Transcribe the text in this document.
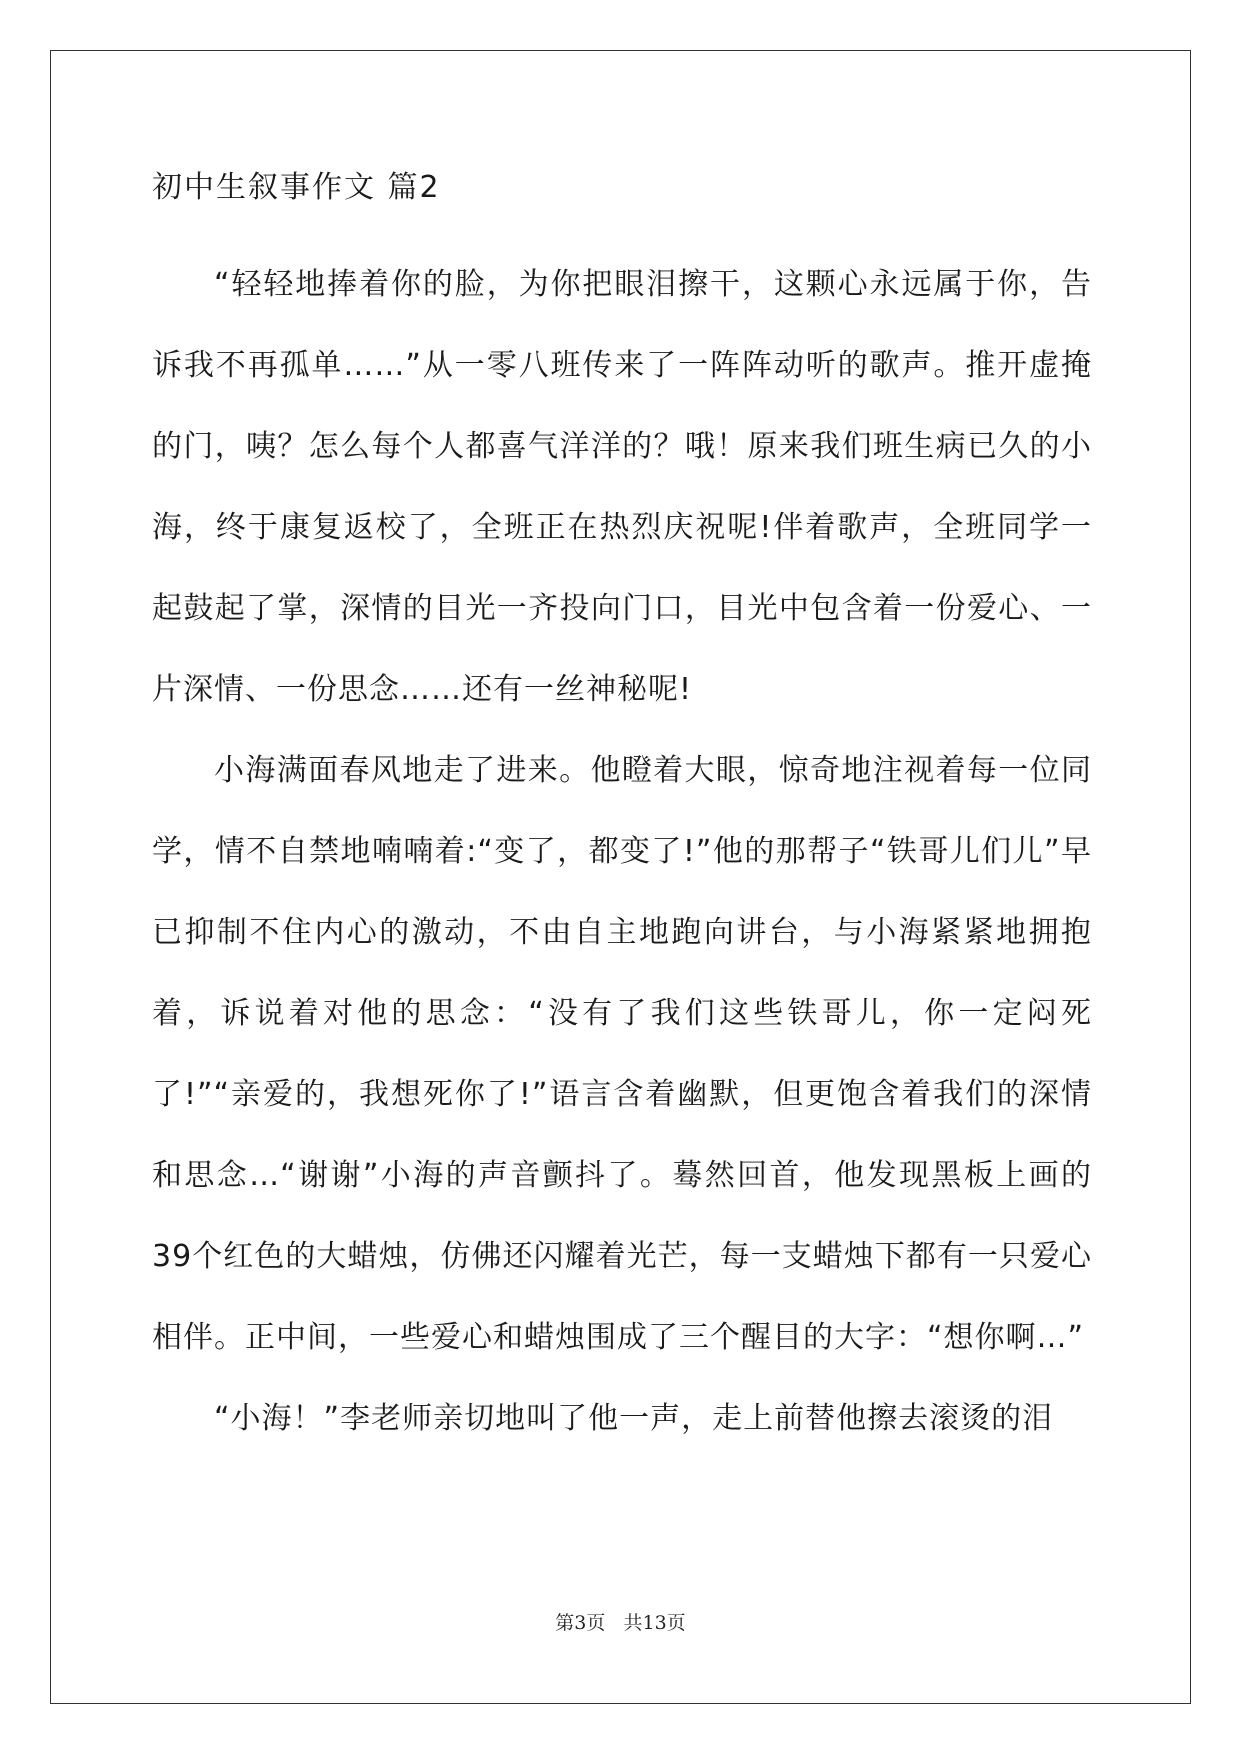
初中生叙事作文 篇2

“轻轻地捧着你的脸，为你把眼泪擦干，这颗心永远属于你，告诉我不再孤单……”从一零八班传来了一阵阵动听的歌声。推开虚掩的门，咦？怎么每个人都喜气洋洋的？哦！原来我们班生病已久的小海，终于康复返校了，全班正在热烈庆祝呢!伴着歌声，全班同学一起鼓起了掌，深情的目光一齐投向门口，目光中包含着一份爱心、一片深情、一份思念……还有一丝神秘呢!

小海满面春风地走了进来。他瞪着大眼，惊奇地注视着每一位同学，情不自禁地喃喃着:“变了，都变了!”他的那帮子“铁哥儿们儿”早已抑制不住内心的激动，不由自主地跑向讲台，与小海紧紧地拥抱着，诉说着对他的思念：“没有了我们这些铁哥儿，你一定闷死了!”“亲爱的，我想死你了!”语言含着幽默，但更饱含着我们的深情和思念…“谢谢”小海的声音颤抖了。蓦然回首，他发现黑板上画的39个红色的大蜡烛，仿佛还闪耀着光芒，每一支蜡烛下都有一只爱心相伴。正中间，一些爱心和蜡烛围成了三个醒目的大字：“想你啊…”

“小海！”李老师亲切地叫了他一声，走上前替他擦去滚烫的泪

第3页   共13页
